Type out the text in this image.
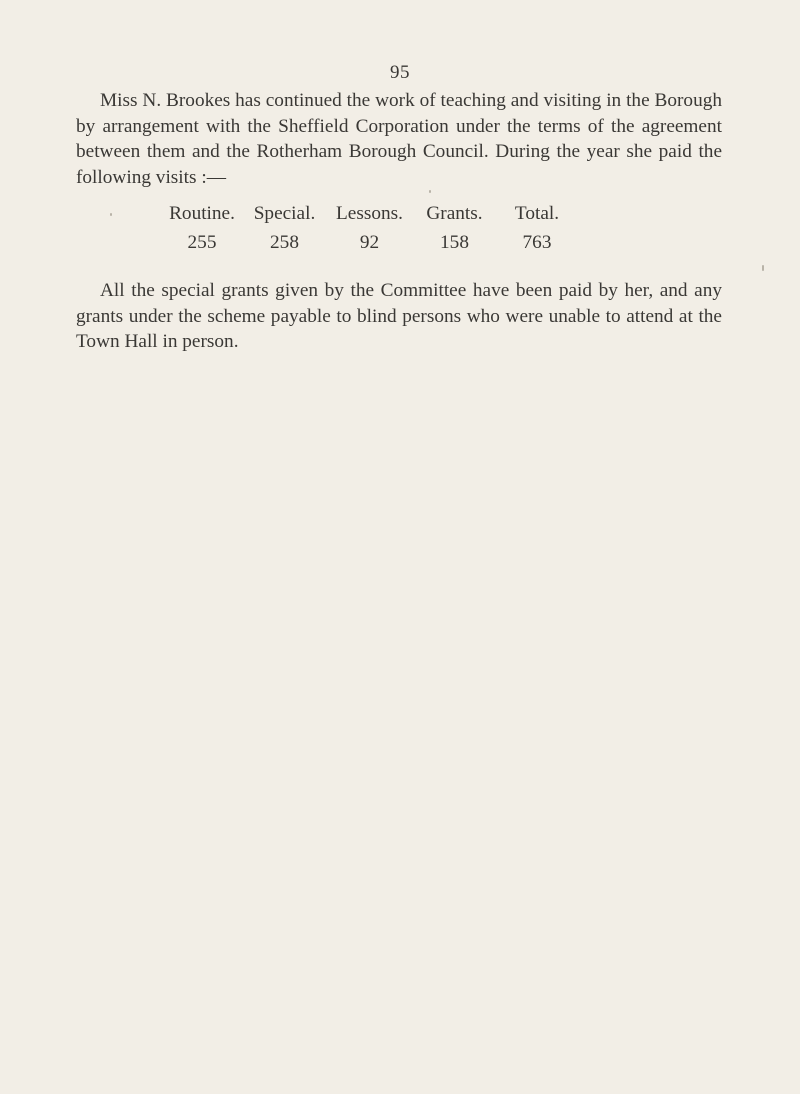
95

Miss N. Brookes has continued the work of teaching and visiting in the Borough by arrangement with the Sheffield Corporation under the terms of the agreement between them and the Rotherham Borough Council. During the year she paid the following visits :—

Routine.	Special.	Lessons.	Grants.	Total.
255	258	92	158	763

All the special grants given by the Committee have been paid by her, and any grants under the scheme payable to blind persons who were unable to attend at the Town Hall in person.
